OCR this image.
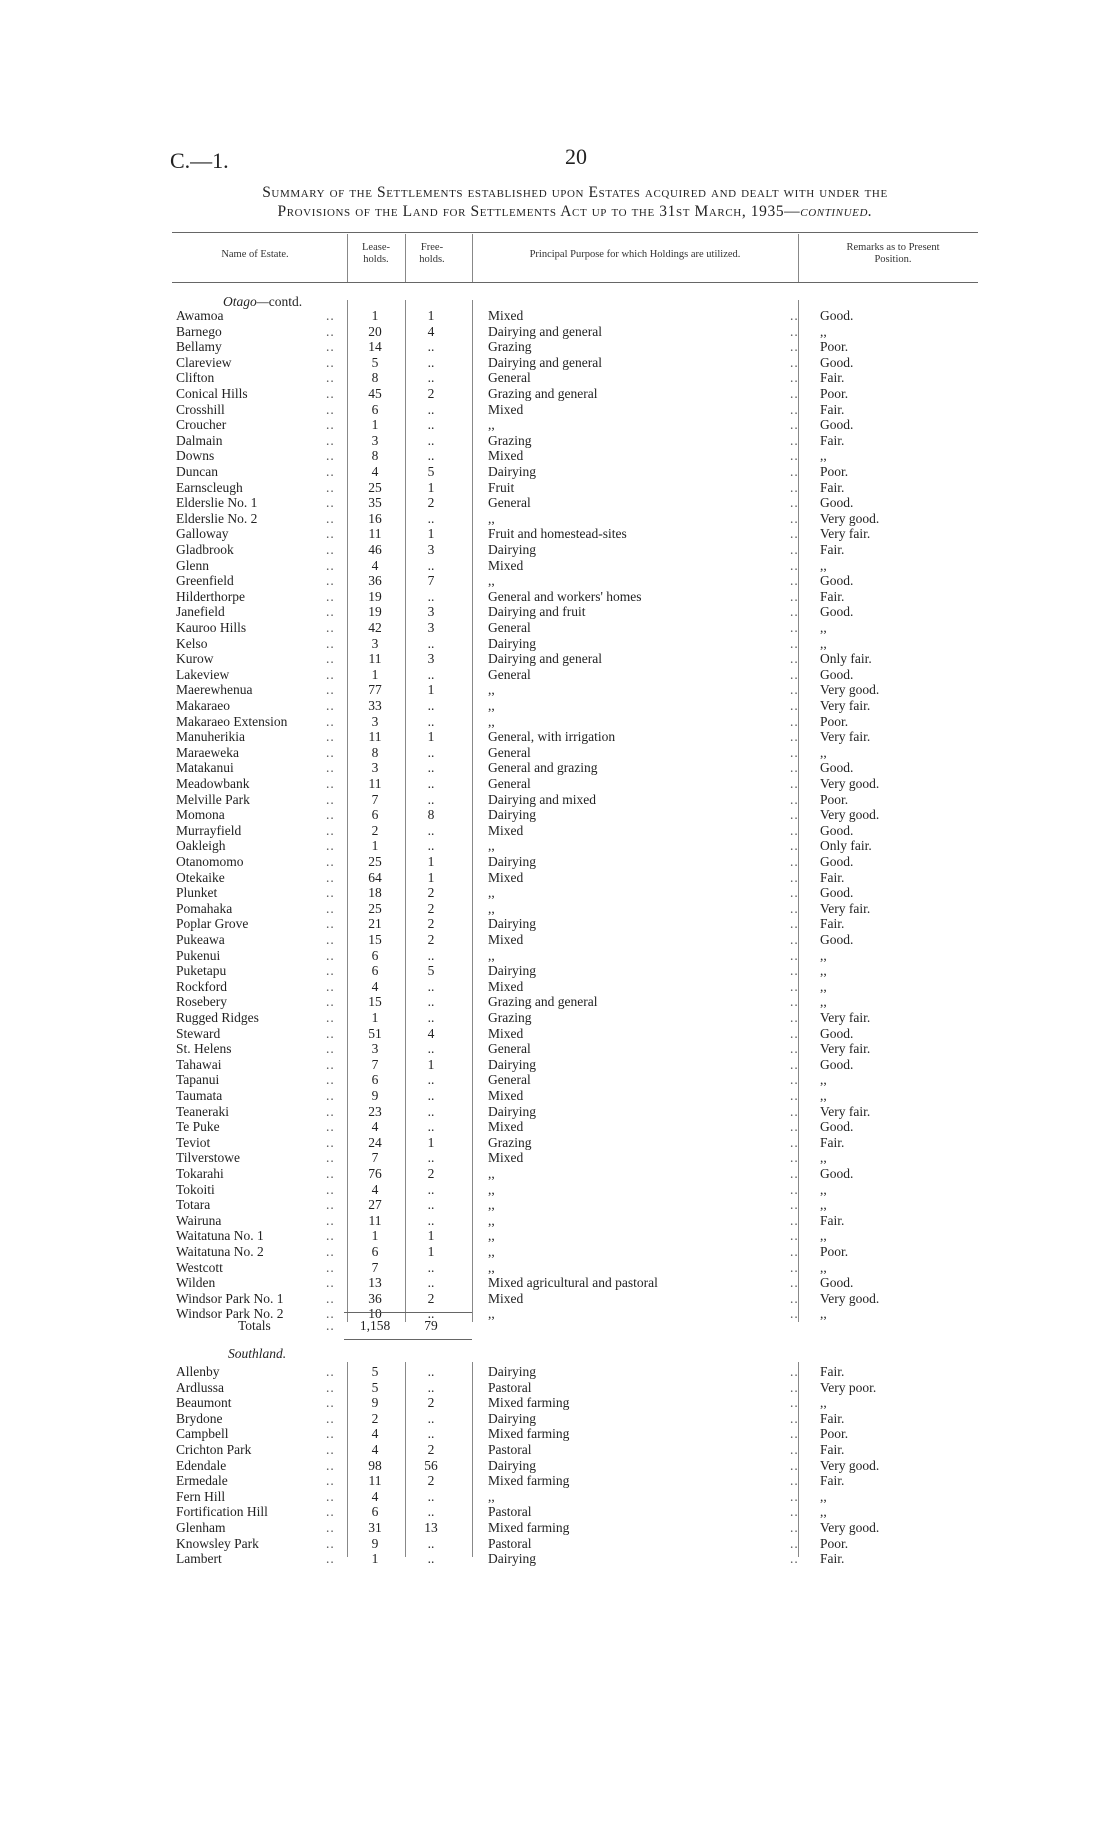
C.—1.	20
Summary of the Settlements established upon Estates acquired and dealt with under the
Provisions of the Land for Settlements Act up to the 31st March, 1935—continued.
Name of Estate.
Lease-
holds.
Free-
holds.	Principal Purpose for which Holdings are utilized.
Remarks as to Present
Position.
Otago—contd.
Awamoa	1	1	Mixed	Good.
..	..
Barnego	20	4	Dairying and general	,,
..	..
Bellamy	14	..	Grazing	Poor.
..	..
Clareview	5	..	Dairying and general	Good.
..	..
Clifton	8	..	General	Fair.
..	..
Conical Hills	45	2	Grazing and general	Poor.
..	..
Crosshill	6	..	Mixed	Fair.
..	..
Croucher	1	..	,,	Good.
..	..
Dalmain	3	..	Grazing	Fair.
..	..
Downs	8	..	Mixed	,,
..	..
Duncan	4	5	Dairying	Poor.
..	..
Earnscleugh	25	1	Fruit	Fair.
..	..
Elderslie No. 1	35	2	General	Good.
..	..
Elderslie No. 2	16	..	,,	Very good.
..	..
Galloway	11	1	Fruit and homestead-sites	Very fair.
..	..
Gladbrook	46	3	Dairying	Fair.
..	..
Glenn	4	..	Mixed	,,
..	..
Greenfield	36	7	,,	Good.
..	..
Hilderthorpe	19	..	General and workers' homes	Fair.
..	..
Janefield	19	3	Dairying and fruit	Good.
..	..
Kauroo Hills	42	3	General	,,
..	..
Kelso	3	..	Dairying	,,
..	..
Kurow	11	3	Dairying and general	Only fair.
..	..
Lakeview	1	..	General	Good.
..	..
Maerewhenua	77	1	,,	Very good.
..	..
Makaraeo	33	..	,,	Very fair.
..	..
Makaraeo Extension	3	..	,,	Poor.
..	..
Manuherikia	11	1	General, with irrigation	Very fair.
..	..
Maraeweka	8	..	General	,,
..	..
Matakanui	3	..	General and grazing	Good.
..	..
Meadowbank	11	..	General	Very good.
..	..
Melville Park	7	..	Dairying and mixed	Poor.
..	..
Momona	6	8	Dairying	Very good.
..	..
Murrayfield	2	..	Mixed	Good.
..	..
Oakleigh	1	..	,,	Only fair.
..	..
Otanomomo	25	1	Dairying	Good.
..	..
Otekaike	64	1	Mixed	Fair.
..	..
Plunket	18	2	,,	Good.
..	..
Pomahaka	25	2	,,	Very fair.
..	..
Poplar Grove	21	2	Dairying	Fair.
..	..
Pukeawa	15	2	Mixed	Good.
..	..
Pukenui	6	..	,,	,,
..	..
Puketapu	6	5	Dairying	,,
..	..
Rockford	4	..	Mixed	,,
..	..
Rosebery	15	..	Grazing and general	,,
..	..
Rugged Ridges	1	..	Grazing	Very fair.
..	..
Steward	51	4	Mixed	Good.
..	..
St. Helens	3	..	General	Very fair.
..	..
Tahawai	7	1	Dairying	Good.
..	..
Tapanui	6	..	General	,,
..	..
Taumata	9	..	Mixed	,,
..	..
Teaneraki	23	..	Dairying	Very fair.
..	..
Te Puke	4	..	Mixed	Good.
..	..
Teviot	24	1	Grazing	Fair.
..	..
Tilverstowe	7	..	Mixed	,,
..	..
Tokarahi	76	2	,,	Good.
..	..
Tokoiti	4	..	,,	,,
..	..
Totara	27	..	,,	,,
..	..
Wairuna	11	..	,,	Fair.
..	..
Waitatuna No. 1	1	1	,,	,,
..	..
Waitatuna No. 2	6	1	,,	Poor.
..	..
Westcott	7	..	,,	,,
..	..
Wilden	13	..	Mixed agricultural and pastoral	Good.
..	..
Windsor Park No. 1	36	2	Mixed	Very good.
..	..
Windsor Park No. 2	10	..	,,	,,
..	..
Totals	..	1,158	79
Southland.
Allenby	5	..	Dairying	Fair.
..	..
Ardlussa	5	..	Pastoral	Very poor.
..	..
Beaumont	9	2	Mixed farming	,,
..	..
Brydone	2	..	Dairying	Fair.
..	..
Campbell	4	..	Mixed farming	Poor.
..	..
Crichton Park	4	2	Pastoral	Fair.
..	..
Edendale	98	56	Dairying	Very good.
..	..
Ermedale	11	2	Mixed farming	Fair.
..	..
Fern Hill	4	..	,,	,,
..	..
Fortification Hill	6	..	Pastoral	,,
..	..
Glenham	31	13	Mixed farming	Very good.
..	..
Knowsley Park	9	..	Pastoral	Poor.
..	..
Lambert	1	..	Dairying	Fair.
..	..
